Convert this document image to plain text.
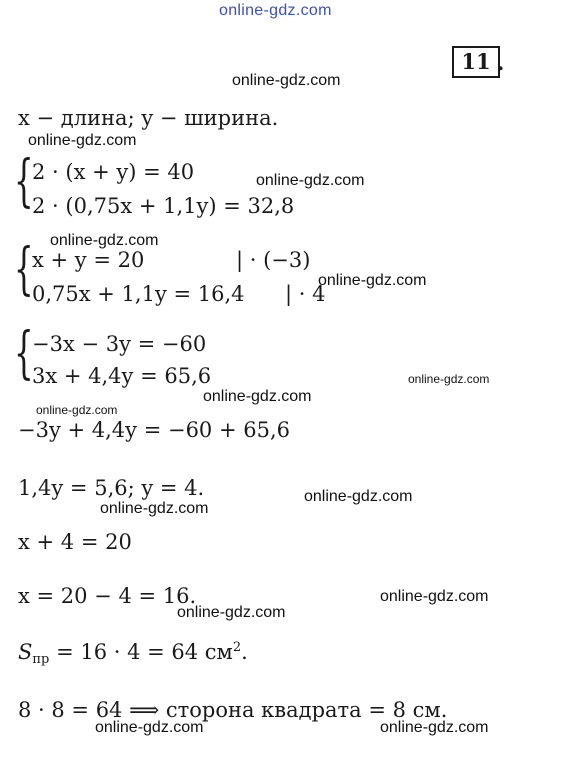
online-gdz.com
11 .
x − длина; y − ширина.
{
2 · (x + y) = 40
2 · (0,75x + 1,1y) = 32,8
{
x + y = 20	| · (−3)
0,75x + 1,1y = 16,4 | · 4
{
−3x − 3y = −60
3x + 4,4y = 65,6
−3y + 4,4y = −60 + 65,6
1,4y = 5,6; y = 4.
x + 4 = 20
x = 20 − 4 = 16.
$S_{пр} = 16 \cdot 4 = 64$ $см^2$.
8 · 8 = 64 ⟹ сторона квадрата = 8 см.
online-gdz.com
online-gdz.com
online-gdz.com
online-gdz.com
online-gdz.com
online-gdz.com
online-gdz.com
online-gdz.com
online-gdz.com
online-gdz.com
online-gdz.com
online-gdz.com
online-gdz.com	online-gdz.com
